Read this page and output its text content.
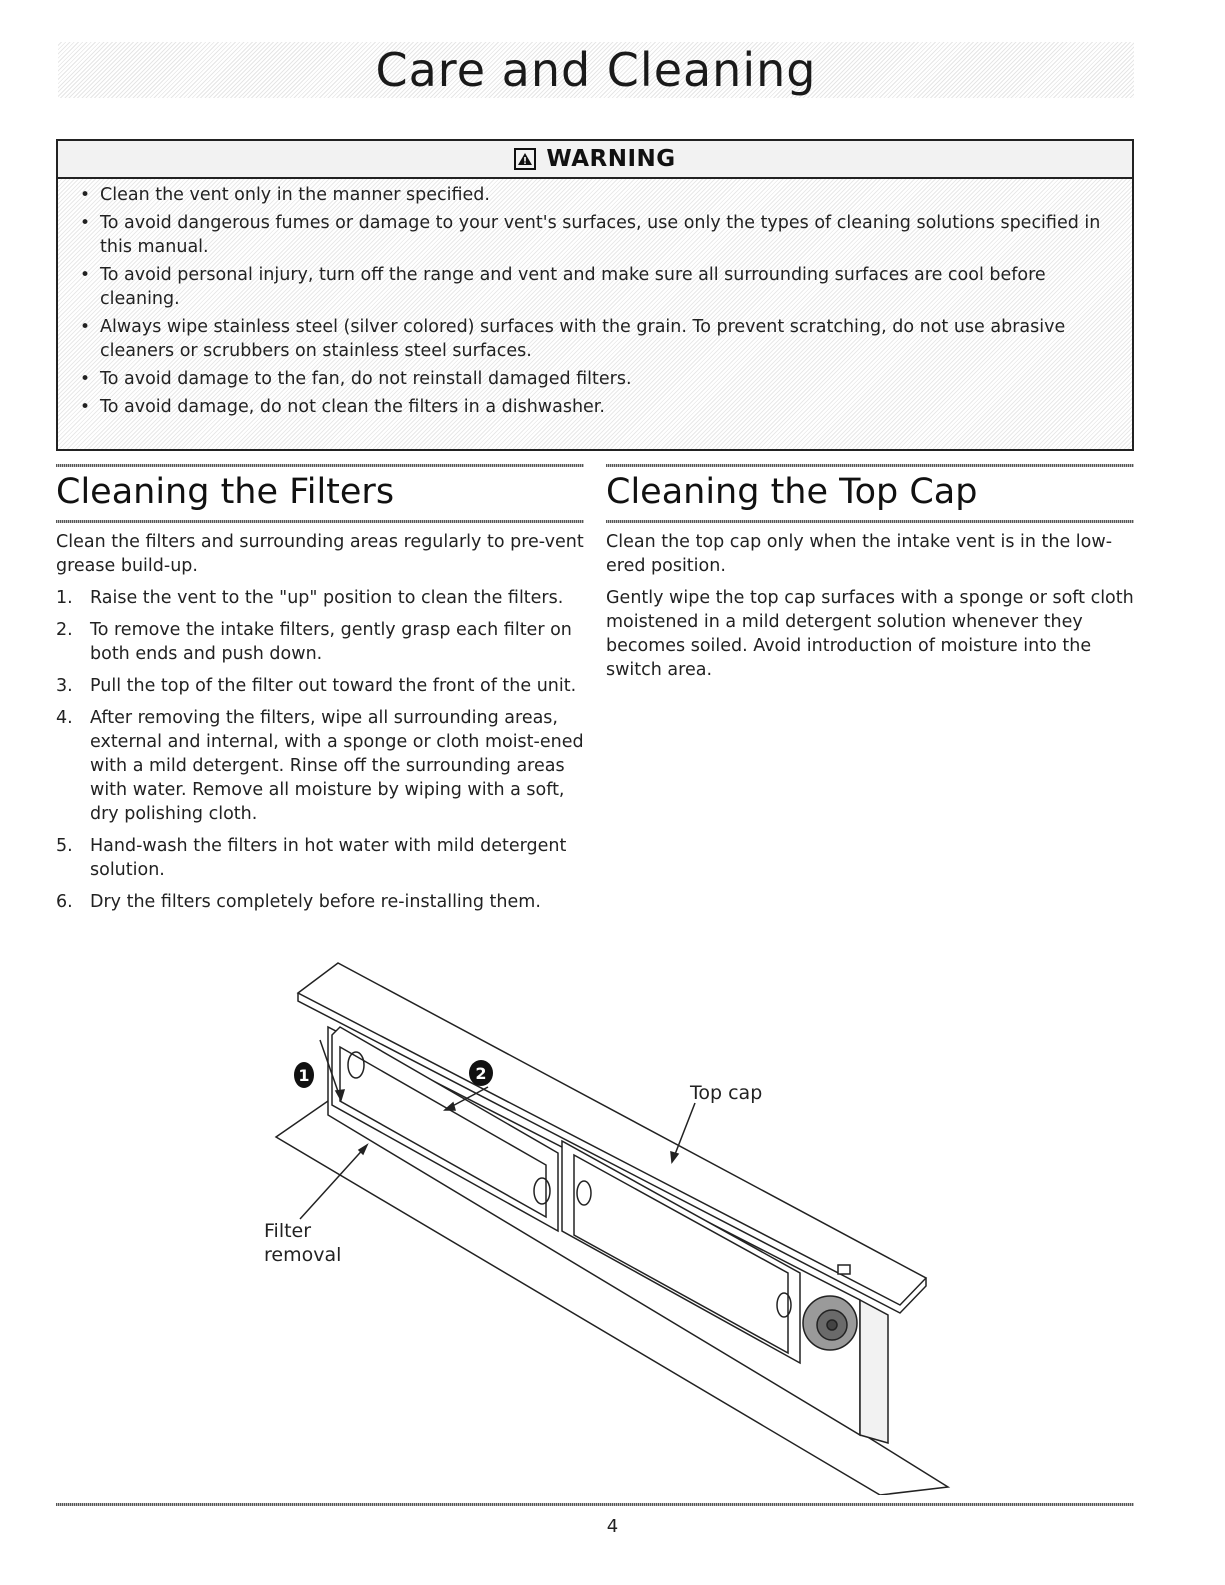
Care and Cleaning
WARNING
• Clean the vent only in the manner specified.
• To avoid dangerous fumes or damage to your vent's surfaces, use only the types of cleaning solutions specified in this manual.
• To avoid personal injury, turn off the range and vent and make sure all surrounding surfaces are cool before cleaning.
• Always wipe stainless steel (silver colored) surfaces with the grain. To prevent scratching, do not use abrasive cleaners or scrubbers on stainless steel surfaces.
• To avoid damage to the fan, do not reinstall damaged filters.
• To avoid damage, do not clean the filters in a dishwasher.
Cleaning the Filters

Clean the filters and surrounding areas regularly to pre-vent grease build-up.

1. Raise the vent to the "up" position to clean the filters.
2. To remove the intake filters, gently grasp each filter on both ends and push down.
3. Pull the top of the filter out toward the front of the unit.
4. After removing the filters, wipe all surrounding areas, external and internal, with a sponge or cloth moist-ened with a mild detergent. Rinse off the surrounding areas with water. Remove all moisture by wiping with a soft, dry polishing cloth.
5. Hand-wash the filters in hot water with mild detergent solution.
6. Dry the filters completely before re-installing them.
Cleaning the Top Cap

Clean the top cap only when the intake vent is in the low-ered position.

Gently wipe the top cap surfaces with a sponge or soft cloth moistened in a mild detergent solution whenever they becomes soiled. Avoid introduction of moisture into the switch area.

1	2
Top cap
Filter
removal
4
